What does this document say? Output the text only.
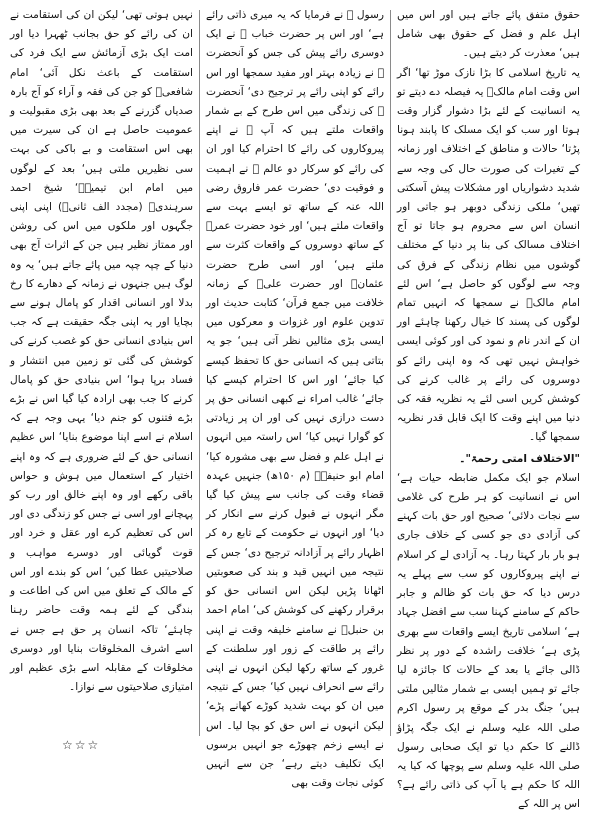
حقوق متفق پائے جاتے ہیں اور اس میں اہل علم و فضل کے حقوق بھی شامل ہیں‘ معذرت کر دیتے ہیں۔

یہ تاریخ اسلامی کا بڑا نازک موڑ تھا‘ اگر اس وقت امام مالکؒ یہ فیصلہ دے دیتے تو یہ انسانیت کے لئے بڑا دشوار گزار وقت ہوتا اور سب کو ایک مسلک کا پابند ہونا پڑتا‘ حالات و مناطق کے اختلاف اور زمانہ کے تغیرات کی صورت حال کی وجہ سے شدید دشواریاں اور مشکلات پیش آسکتی تھیں‘ ملکی زندگی دوبھر ہو جاتی اور انسان اس سے محروم ہو جاتا تو آج اختلاف مسالک کی بنا پر دنیا کے مختلف گوشوں میں نظام زندگی کے فرق کی وجہ سے لوگوں کو حاصل ہے‘ اس لئے امام مالکؒ نے سمجھا کہ انہیں تمام لوگوں کی پسند کا خیال رکھنا چاہئے اور ان کے اندر نام و نمود کی اور کوئی ایسی خواہش نہیں تھی کہ وہ اپنی رائے کو دوسروں کی رائے پر غالب کرنے کی کوشش کریں اسی لئے یہ نظریہ فقہ کی دنیا میں اپنے وقت کا ایک قابل قدر نظریہ سمجھا گیا۔

"الاختلاف امتی رحمۃ"۔

اسلام جو ایک مکمل ضابطہ حیات ہے‘ اس نے انسانیت کو ہر طرح کی غلامی سے نجات دلائی‘ صحیح اور حق بات کہنے کی آزادی دی جو کسی کے خلاف جاری ہو بار بار کہتا رہا۔ یہ آزادی لے کر اسلام نے اپنے پیروکاروں کو سب سے پہلے یہ درس دیا کہ حق بات کو ظالم و جابر حاکم کے سامنے کہنا سب سے افضل جہاد ہے‘ اسلامی تاریخ ایسے واقعات سے بھری پڑی ہے‘ خلافت راشدہ کے دور پر نظر ڈالی جائے یا بعد کے حالات کا جائزہ لیا جائے تو ہمیں ایسی بے شمار مثالیں ملتی ہیں‘ جنگ بدر کے موقع پر رسول اکرم صلی اللہ علیہ وسلم نے ایک جگہ پڑاؤ ڈالنے کا حکم دیا تو ایک صحابی رسول صلی اللہ علیہ وسلم سے پوچھا کہ کیا یہ اللہ کا حکم ہے یا آپ کی ذاتی رائے ہے؟ اس پر اللہ کے

رسول ﷺ نے فرمایا کہ یہ میری ذاتی رائے ہے‘ اور اس پر حضرت خباب ؓ نے ایک دوسری رائے پیش کی جس کو آنحضرت ﷺ نے زیادہ بہتر اور مفید سمجھا اور اس رائے کو اپنی رائے پر ترجیح دی‘ آنحضرت ﷺ کی زندگی میں اس طرح کے بے شمار واقعات ملتے ہیں کہ آپ ﷺ نے اپنے پیروکاروں کی رائے کا احترام کیا اور ان کی رائے کو سرکار دو عالم ﷺ نے اہمیت و فوقیت دی‘ حضرت عمر فاروق رضی اللہ عنہ کے ساتھ تو ایسے بہت سے واقعات ملتے ہیں‘ اور خود حضرت عمرؓ کے ساتھ دوسروں کے واقعات کثرت سے ملتے ہیں‘ اور اسی طرح حضرت عثمانؓ اور حضرت علیؓ کے زمانہ خلافت میں جمع قرآن‘ کتابت حدیث اور تدوین علوم اور غزوات و معرکوں میں ایسی بڑی مثالیں نظر آتی ہیں‘ جو یہ بتاتی ہیں کہ انسانی حق کا تحفظ کیسے کیا جائے‘ اور اس کا احترام کیسے کیا جائے‘ غالب امراء نے کبھی انسانی حق پر دست درازی نہیں کی اور ان پر زیادتی کو گوارا نہیں کیا‘ اس راستہ میں انہوں نے اہل علم و فضل سے بھی مشورہ کیا‘ امام ابو حنیفہؒ (م ۱۵۰ھ) جنہیں عہدہ قضاء وقت کی جانب سے پیش کیا گیا مگر انہوں نے قبول کرنے سے انکار کر دیا‘ اور انہوں نے حکومت کے تابع رہ کر اظہار رائے پر آزادانہ ترجیح دی‘ جس کے نتیجہ میں انہیں قید و بند کی صعوبتیں اٹھانا پڑیں لیکن اس انسانی حق کو برقرار رکھنے کی کوشش کی‘ امام احمد بن حنبلؒ نے سامنے خلیفہ وقت نے اپنی رائے پر طاقت کے زور اور سلطنت کے غرور کے ساتھ رکھا لیکن انہوں نے اپنی رائے سے انحراف نہیں کیا‘ جس کے نتیجہ میں ان کو بہت شدید کوڑے کھانے پڑے‘ لیکن انہوں نے اس حق کو بچا لیا۔ اس نے ایسے زخم چھوڑے جو انہیں برسوں ایک تکلیف دیتے رہے‘ جن سے انہیں کوئی نجات وقت بھی

نہیں ہوتی تھی‘ لیکن ان کی استقامت نے ان کی رائے کو حق بجانب ٹھہرا دیا اور امت ایک بڑی آزمائش سے ایک فرد کی استقامت کے باعث نکل آئی‘ امام شافعیؒ کو جن کی فقہ و آراء کو آج بارہ صدیاں گزرنے کے بعد بھی بڑی مقبولیت و عمومیت حاصل ہے ان کی سیرت میں بھی اس استقامت و بے باکی کی بہت سی نظیریں ملتی ہیں‘ بعد کے لوگوں میں امام ابن تیمیہؒ‘ شیخ احمد سرہندیؒ (مجدد الف ثانیؒ) اپنی اپنی جگہوں اور ملکوں میں اس کی روشن اور ممتاز نظیر ہیں جن کے اثرات آج بھی دنیا کے چپہ چپہ میں پائے جاتے ہیں‘ یہ وہ لوگ ہیں جنہوں نے زمانہ کے دھارے کا رخ بدلا اور انسانی اقدار کو پامال ہونے سے بچایا اور یہ اپنی جگہ حقیقت ہے کہ جب اس بنیادی انسانی حق کو غصب کرنے کی کوشش کی گئی تو زمین میں انتشار و فساد برپا ہوا‘ اس بنیادی حق کو پامال کرنے کا جب بھی ارادہ کیا گیا اس نے بڑے بڑے فتنوں کو جنم دیا‘ یہی وجہ ہے کہ اسلام نے اسے اپنا موضوع بنایا‘ اس عظیم انسانی حق کے لئے ضروری ہے کہ وہ اپنے اختیار کے استعمال میں ہوش و حواس باقی رکھے اور وہ اپنے خالق اور رب کو پہچانے اور اسی نے جس کو زندگی دی اور اس کی تعظیم کرے اور عقل و خرد اور قوت گویائی اور دوسرے مواہب و صلاحیتیں عطا کیں‘ اس کو بندے اور اس کے مالک کے تعلق میں اس کی اطاعت و بندگی کے لئے ہمہ وقت حاضر رہنا چاہئے‘ تاکہ انسان پر حق ہے جس نے اسے اشرف المخلوقات بنایا اور دوسری مخلوقات کے مقابلہ اسے بڑی عظیم اور امتیازی صلاحیتوں سے نوازا۔

☆☆☆
